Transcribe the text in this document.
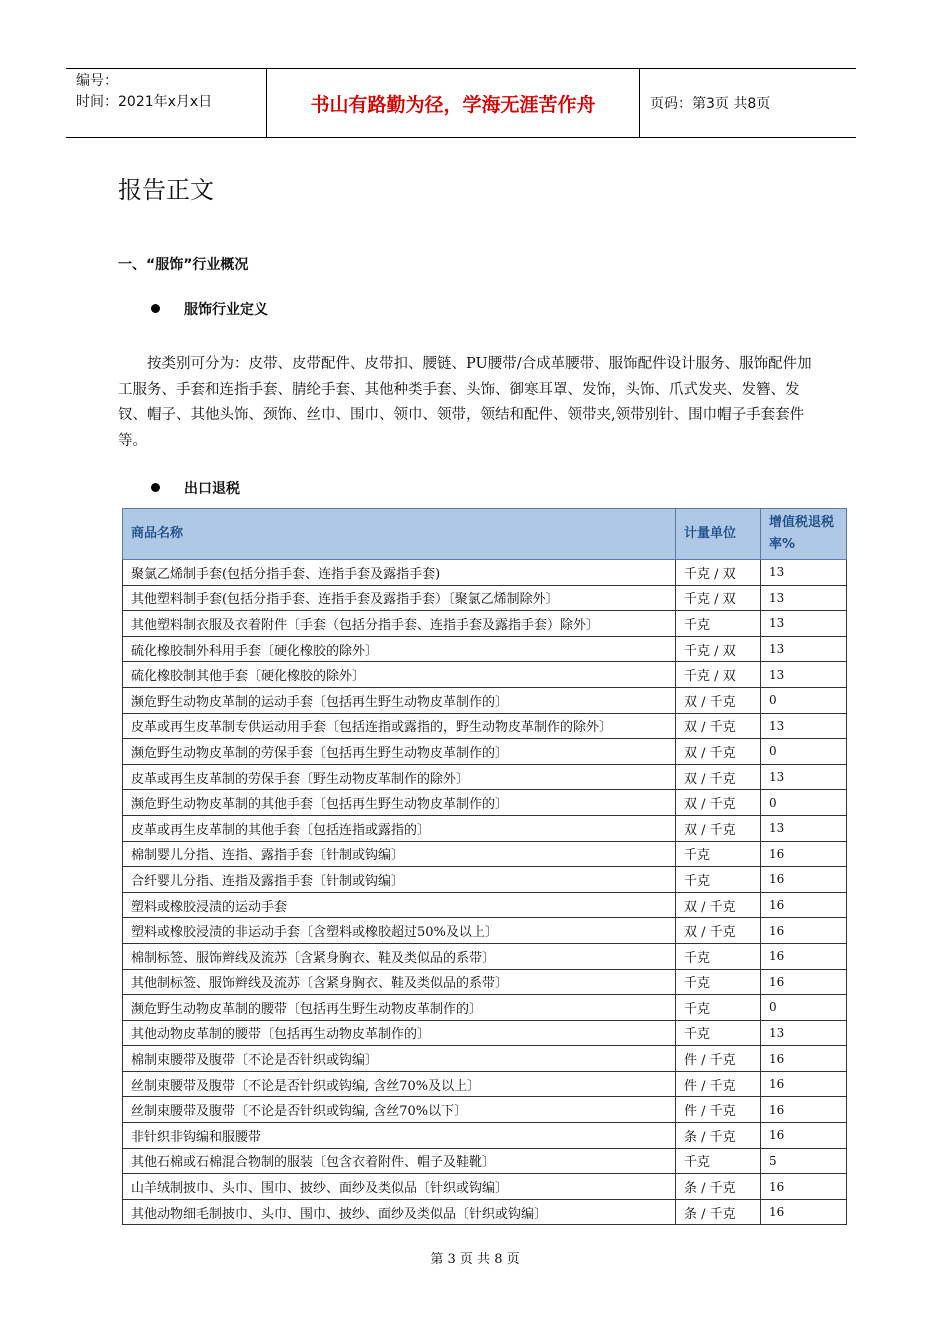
编号：
时间：2021年x月x日	书山有路勤为径，学海无涯苦作舟	页码：第3页 共8页
报告正文
一、“服饰”行业概况
服饰行业定义
按类别可分为：皮带、皮带配件、皮带扣、腰链、PU腰带/合成革腰带、服饰配件设计服务、服饰配件加工服务、手套和连指手套、腈纶手套、其他种类手套、头饰、御寒耳罩、发饰，头饰、爪式发夹、发簪、发钗、帽子、其他头饰、颈饰、丝巾、围巾、领巾、领带，领结和配件、领带夹,领带别针、围巾帽子手套套件等。
出口退税
商品名称	计量单位	增值税退税率%
聚氯乙烯制手套(包括分指手套、连指手套及露指手套)	千克 / 双	13
其他塑料制手套(包括分指手套、连指手套及露指手套）〔聚氯乙烯制除外〕	千克 / 双	13
其他塑料制衣服及衣着附件〔手套（包括分指手套、连指手套及露指手套）除外〕	千克	13
硫化橡胶制外科用手套〔硬化橡胶的除外〕	千克 / 双	13
硫化橡胶制其他手套〔硬化橡胶的除外〕	千克 / 双	13
濒危野生动物皮革制的运动手套〔包括再生野生动物皮革制作的〕	双 / 千克	0
皮革或再生皮革制专供运动用手套〔包括连指或露指的，野生动物皮革制作的除外〕	双 / 千克	13
濒危野生动物皮革制的劳保手套〔包括再生野生动物皮革制作的〕	双 / 千克	0
皮革或再生皮革制的劳保手套〔野生动物皮革制作的除外〕	双 / 千克	13
濒危野生动物皮革制的其他手套〔包括再生野生动物皮革制作的〕	双 / 千克	0
皮革或再生皮革制的其他手套〔包括连指或露指的〕	双 / 千克	13
棉制婴儿分指、连指、露指手套〔针制或钩编〕	千克	16
合纤婴儿分指、连指及露指手套〔针制或钩编〕	千克	16
塑料或橡胶浸渍的运动手套	双 / 千克	16
塑料或橡胶浸渍的非运动手套〔含塑料或橡胶超过50%及以上〕	双 / 千克	16
棉制标签、服饰辫线及流苏〔含紧身胸衣、鞋及类似品的系带〕	千克	16
其他制标签、服饰辫线及流苏〔含紧身胸衣、鞋及类似品的系带〕	千克	16
濒危野生动物皮革制的腰带〔包括再生野生动物皮革制作的〕	千克	0
其他动物皮革制的腰带〔包括再生动物皮革制作的〕	千克	13
棉制束腰带及腹带〔不论是否针织或钩编〕	件 / 千克	16
丝制束腰带及腹带〔不论是否针织或钩编, 含丝70%及以上〕	件 / 千克	16
丝制束腰带及腹带〔不论是否针织或钩编, 含丝70%以下〕	件 / 千克	16
非针织非钩编和服腰带	条 / 千克	16
其他石棉或石棉混合物制的服装〔包含衣着附件、帽子及鞋靴〕	千克	5
山羊绒制披巾、头巾、围巾、披纱、面纱及类似品〔针织或钩编〕	条 / 千克	16
其他动物细毛制披巾、头巾、围巾、披纱、面纱及类似品〔针织或钩编〕	条 / 千克	16
第 3 页 共 8 页
